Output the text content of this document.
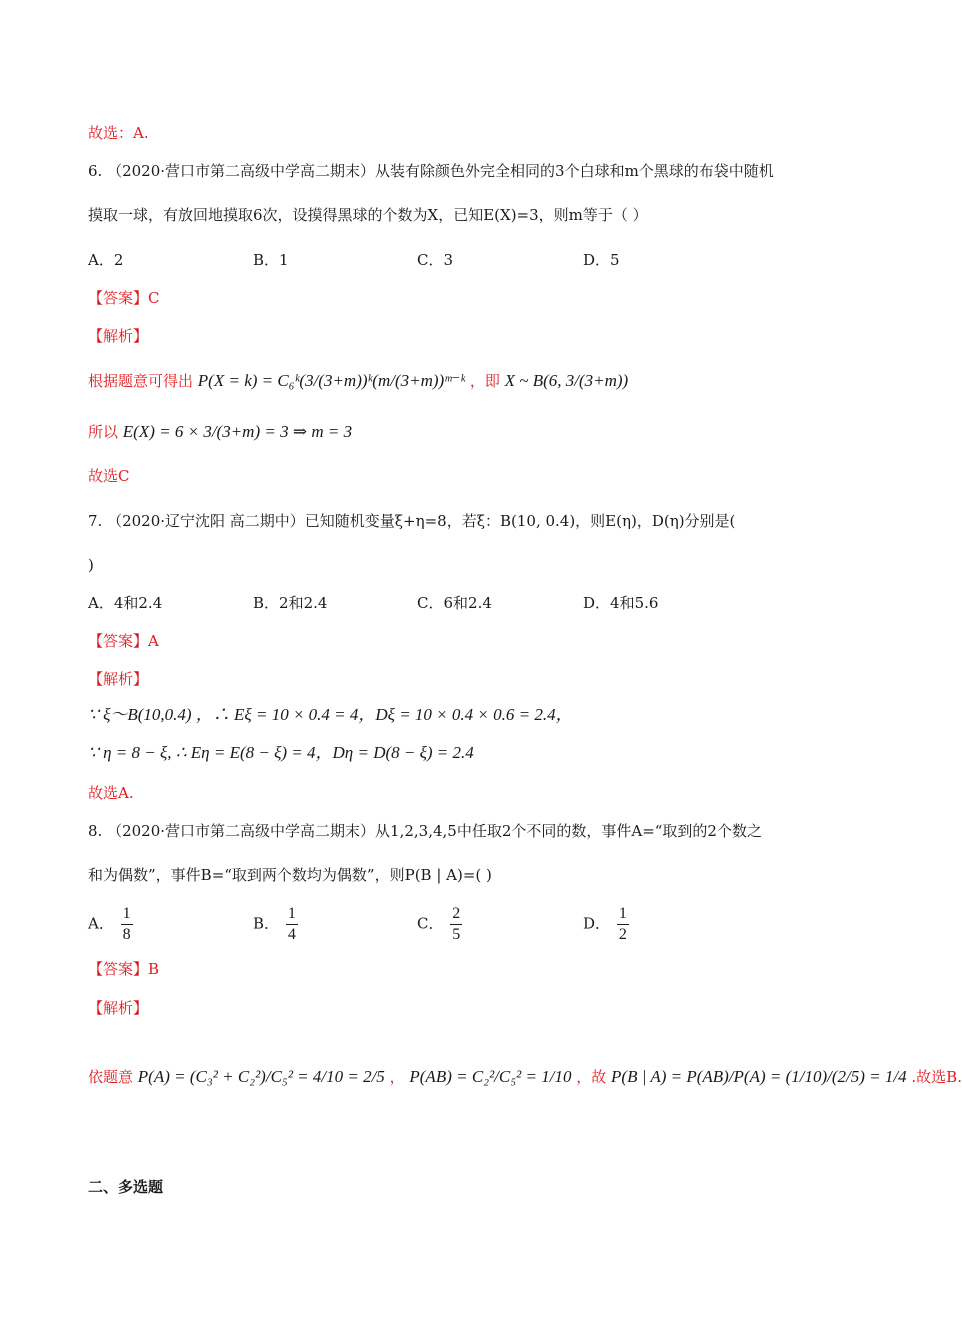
故选：A.
6. （2020·营口市第二高级中学高二期末）从装有除颜色外完全相同的3个白球和m个黑球的布袋中随机
摸取一球，有放回地摸取6次，设摸得黑球的个数为X，已知E(X)=3，则m等于（ ）
A．2	B．1	C．3	D．5
【答案】C
【解析】
根据题意可得出 P(X = k) = C₆ᵏ(3/(3+m))ᵏ(m/(3+m))ᵐ⁻ᵏ ，即 X ~ B(6, 3/(3+m))
所以 E(X) = 6 × 3/(3+m) = 3 ⇒ m = 3
故选C
7. （2020·辽宁沈阳 高二期中）已知随机变量ξ+η=8，若ξ：B(10, 0.4)，则E(η)，D(η)分别是(
)
A．4和2.4	B．2和2.4	C．6和2.4	D．4和5.6
【答案】A
【解析】
∵ ξ～B(10,0.4) ，∴ Eξ = 10 × 0.4 = 4，Dξ = 10 × 0.4 × 0.6 = 2.4，
∵ η = 8 − ξ, ∴ Eη = E(8 − ξ) = 4，Dη = D(8 − ξ) = 2.4
故选A.
8. （2020·营口市第二高级中学高二期末）从1,2,3,4,5中任取2个不同的数，事件A=“取到的2个数之
和为偶数”，事件B=“取到两个数均为偶数”，则P(B | A)=( )
A． $\frac{1}{8}$	B． $\frac{1}{4}$	C． $\frac{2}{5}$	D． $\frac{1}{2}$
【答案】B
【解析】
依题意 P(A) = (C₃² + C₂²)/C₅² = 4/10 = 2/5 ， P(AB) = C₂²/C₅² = 1/10 ，故 P(B | A) = P(AB)/P(A) = (1/10)/(2/5) = 1/4 .故选B.
二、多选题
